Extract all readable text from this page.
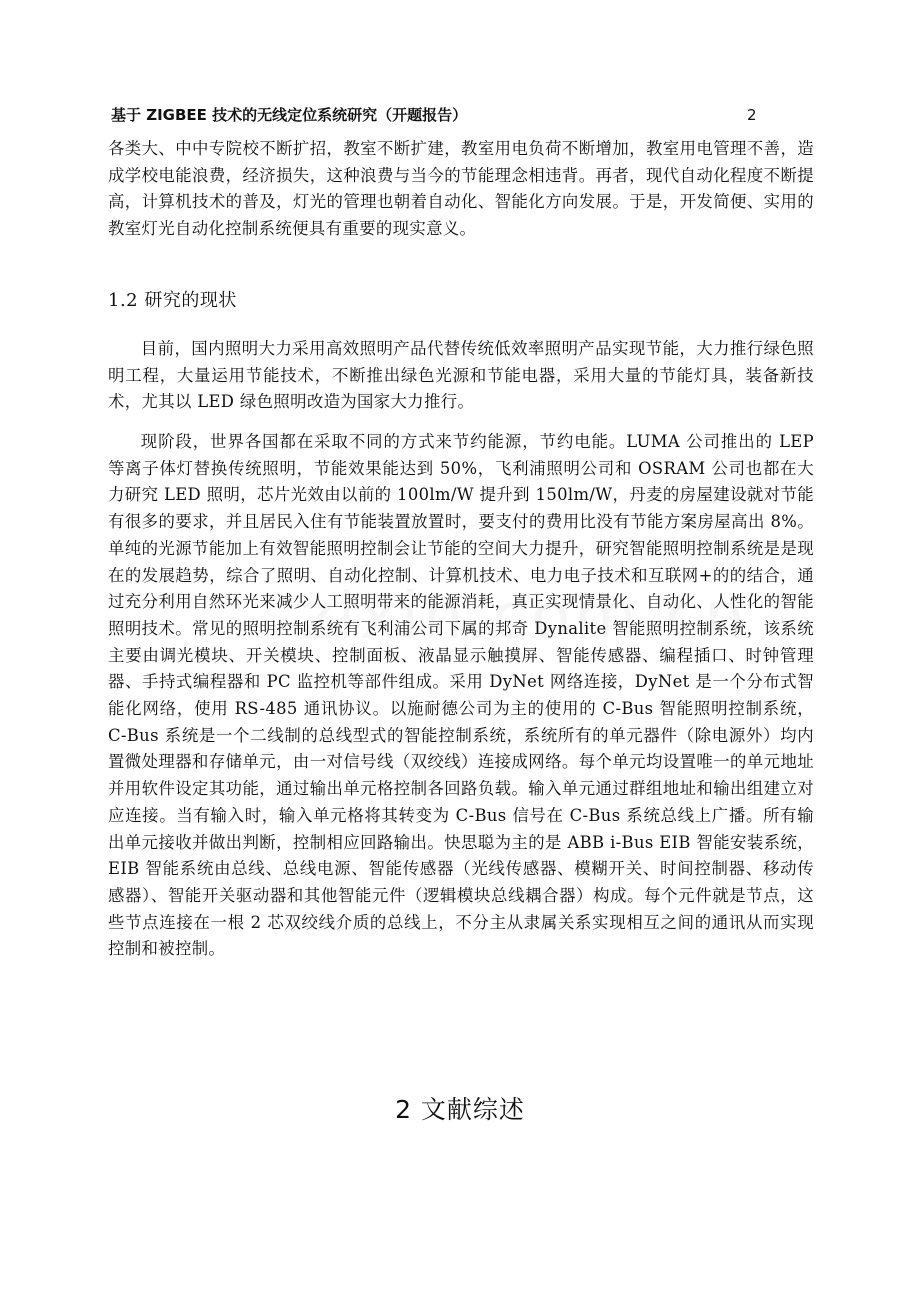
基于 ZIGBEE 技术的无线定位系统研究（开题报告）	2

各类大、中中专院校不断扩招，教室不断扩建，教室用电负荷不断增加，教室用电管理不善，造成学校电能浪费，经济损失，这种浪费与当今的节能理念相违背。再者，现代自动化程度不断提高，计算机技术的普及，灯光的管理也朝着自动化、智能化方向发展。于是，开发简便、实用的教室灯光自动化控制系统便具有重要的现实意义。

1.2 研究的现状

目前，国内照明大力采用高效照明产品代替传统低效率照明产品实现节能，大力推行绿色照明工程，大量运用节能技术，不断推出绿色光源和节能电器，采用大量的节能灯具，装备新技术，尤其以 LED 绿色照明改造为国家大力推行。

现阶段，世界各国都在采取不同的方式来节约能源，节约电能。LUMA 公司推出的 LEP 等离子体灯替换传统照明，节能效果能达到 50%，飞利浦照明公司和 OSRAM 公司也都在大力研究 LED 照明，芯片光效由以前的 100lm/W 提升到 150lm/W，丹麦的房屋建设就对节能有很多的要求，并且居民入住有节能装置放置时，要支付的费用比没有节能方案房屋高出 8%。单纯的光源节能加上有效智能照明控制会让节能的空间大力提升，研究智能照明控制系统是是现在的发展趋势，综合了照明、自动化控制、计算机技术、电力电子技术和互联网+的的结合，通过充分利用自然环光来减少人工照明带来的能源消耗，真正实现情景化、自动化、人性化的智能照明技术。常见的照明控制系统有飞利浦公司下属的邦奇 Dynalite 智能照明控制系统，该系统主要由调光模块、开关模块、控制面板、液晶显示触摸屏、智能传感器、编程插口、时钟管理器、手持式编程器和 PC 监控机等部件组成。采用 DyNet 网络连接，DyNet 是一个分布式智能化网络，使用 RS-485 通讯协议。以施耐德公司为主的使用的 C-Bus 智能照明控制系统，C-Bus 系统是一个二线制的总线型式的智能控制系统，系统所有的单元器件（除电源外）均内置微处理器和存储单元，由一对信号线（双绞线）连接成网络。每个单元均设置唯一的单元地址并用软件设定其功能，通过输出单元格控制各回路负载。输入单元通过群组地址和输出组建立对应连接。当有输入时，输入单元格将其转变为 C-Bus 信号在 C-Bus 系统总线上广播。所有输出单元接收并做出判断，控制相应回路输出。快思聪为主的是 ABB i-Bus EIB 智能安装系统，EIB 智能系统由总线、总线电源、智能传感器（光线传感器、模糊开关、时间控制器、移动传感器）、智能开关驱动器和其他智能元件（逻辑模块总线耦合器）构成。每个元件就是节点，这些节点连接在一根 2 芯双绞线介质的总线上，不分主从隶属关系实现相互之间的通讯从而实现控制和被控制。

2 文献综述
